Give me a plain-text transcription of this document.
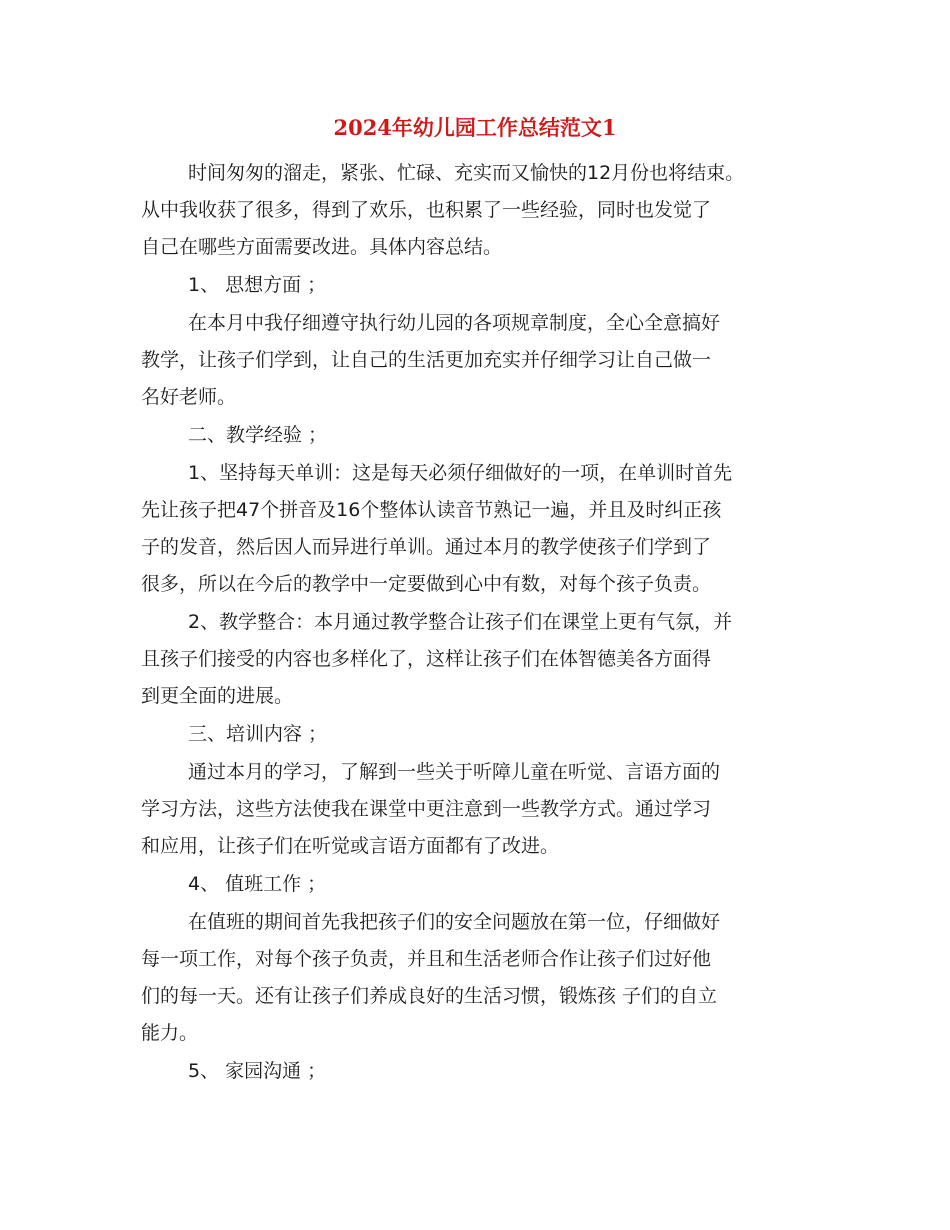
2024年幼儿园工作总结范文1
时间匆匆的溜走，紧张、忙碌、充实而又愉快的12月份也将结束。
从中我收获了很多，得到了欢乐，也积累了一些经验，同时也发觉了
自己在哪些方面需要改进。具体内容总结。
1、 思想方面 ；
在本月中我仔细遵守执行幼儿园的各项规章制度，全心全意搞好
教学，让孩子们学到，让自己的生活更加充实并仔细学习让自己做一
名好老师。
二、教学经验 ；
1、坚持每天单训：这是每天必须仔细做好的一项，在单训时首先
先让孩子把47个拼音及16个整体认读音节熟记一遍，并且及时纠正孩
子的发音，然后因人而异进行单训。通过本月的教学使孩子们学到了
很多，所以在今后的教学中一定要做到心中有数，对每个孩子负责。
2、教学整合：本月通过教学整合让孩子们在课堂上更有气氛，并
且孩子们接受的内容也多样化了，这样让孩子们在体智德美各方面得
到更全面的进展。
三、培训内容 ；
通过本月的学习，了解到一些关于听障儿童在听觉、言语方面的
学习方法，这些方法使我在课堂中更注意到一些教学方式。通过学习
和应用，让孩子们在听觉或言语方面都有了改进。
4、 值班工作 ；
在值班的期间首先我把孩子们的安全问题放在第一位，仔细做好
每一项工作，对每个孩子负责，并且和生活老师合作让孩子们过好他
们的每一天。还有让孩子们养成良好的生活习惯，锻炼孩 子们的自立
能力。
5、 家园沟通 ；
